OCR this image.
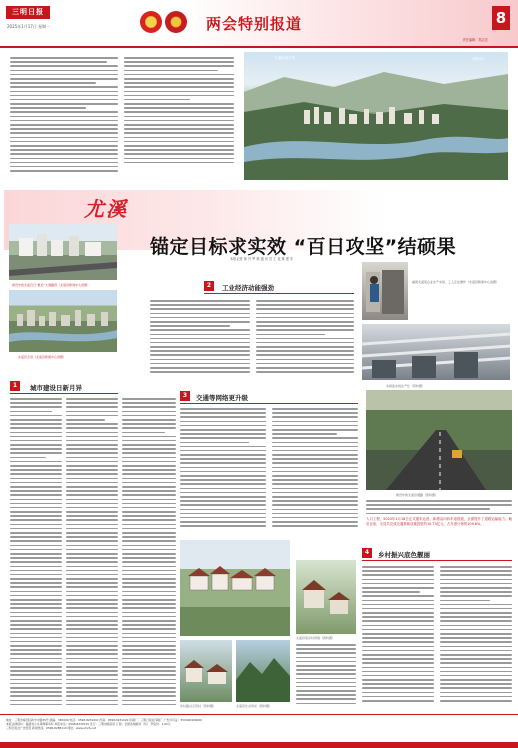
三明日报
2025年1月17日 星期一	两会特别报道	8
责任编辑：郑志宏
尤溪县城全景	（网址图）
尤溪
锚定目标求实效 “百日攻坚”结硕果
本报记者 林 丹 罗 嫣 通 讯 员 王 炎 陈 建 东
建设中的尤溪百日“最近”大道路段（尤溪县新闻中心供图）
尤溪县全景（尤溪县新闻中心供图）
1	城市建设日新月异
2	工业经济动能强劲
福建尤溪某企业生产车间，工人正在操作（尤溪县新闻中心供图）
车间流水线生产忙（资料图）
3	交通等网络更升级
建设中的尤溪县道路（资料图）
入口工程，2024年1月18日正式通车运营，新增双向四车道国道，全面提升了道路运输能力。截至目前，全县共完成交通基础设施投资约10.73亿元，占年度计划的109.6%。
尤溪县某乡村风貌（资料图）
4	乡村振兴底色靓丽
乡村振兴示范村（资料图）	尤溪县生态风光（资料图）
地址：三明市梅列区新市中路35号 邮编：365000 电话：0598-8231001 传真：0598-8231020 印刷厂：三明日报社印刷厂 广告许可证：350400400006
本报法律顾问：福建刘少生律师事务所 举报电话：0598-8230315 发行：三明市邮政局 订阅：全国各地邮局（所） 零售价：1.00元
三明日报社广告经营 新闻热线：0598-8288110 网址：www.smrb.net
